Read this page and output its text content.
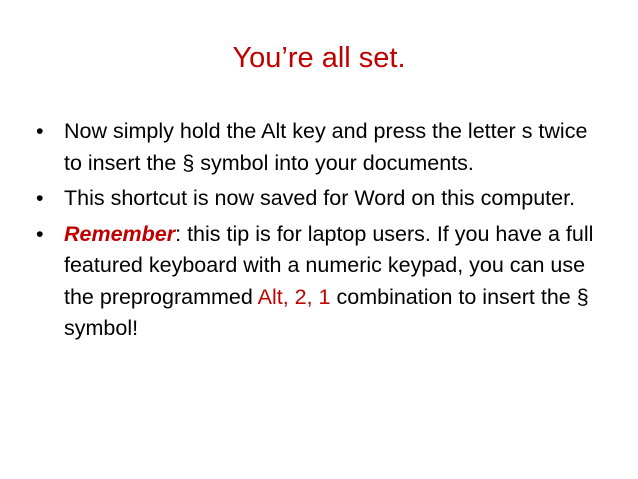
You’re all set.
• Now simply hold the Alt key and press the letter s twice to insert the § symbol into your documents.
• This shortcut is now saved for Word on this computer.
• Remember: this tip is for laptop users. If you have a full featured keyboard with a numeric keypad, you can use the preprogrammed Alt, 2, 1 combination to insert the § symbol!
